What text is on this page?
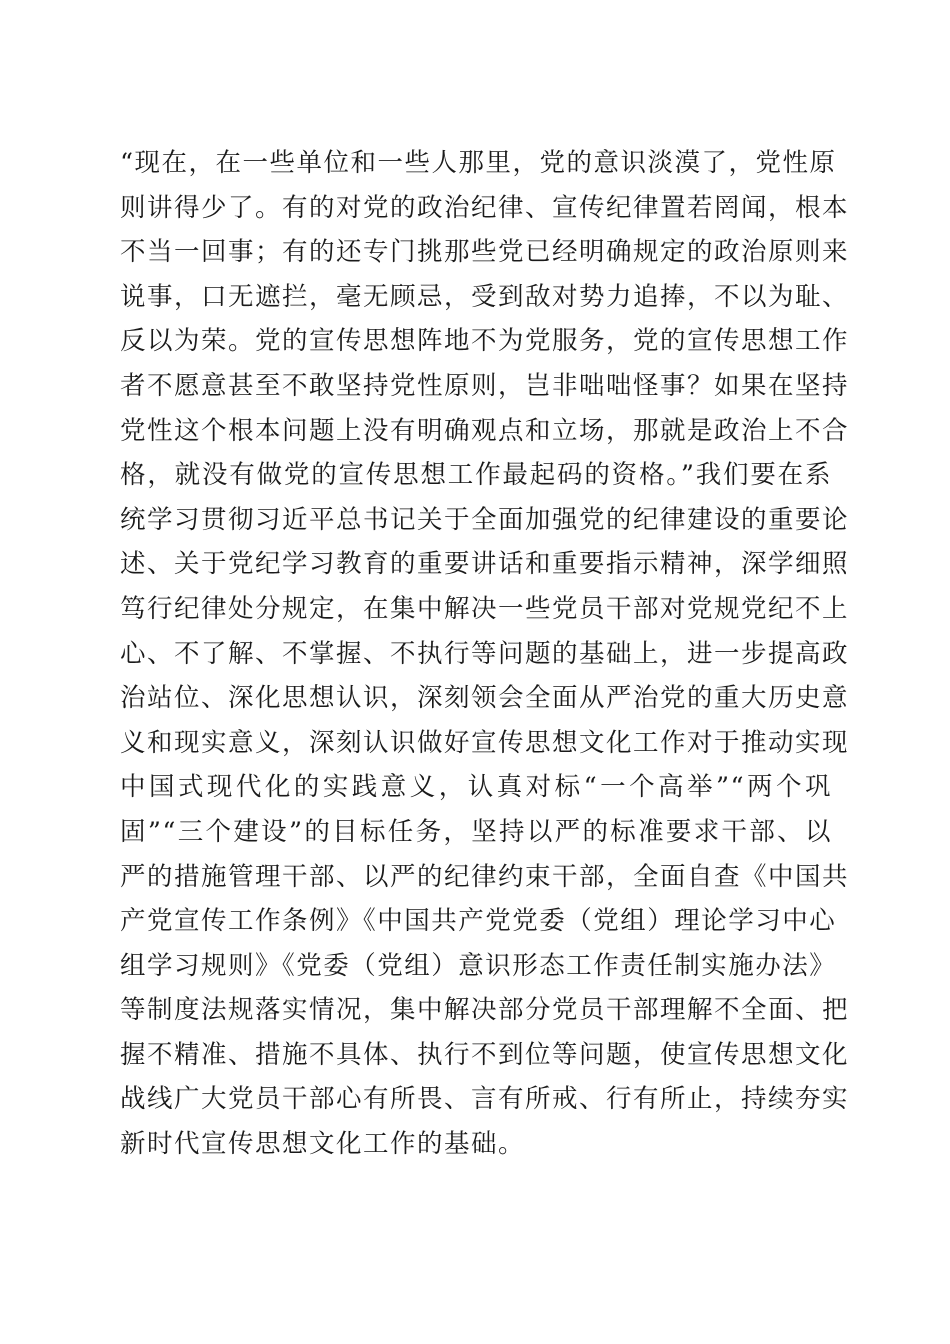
“现在，在一些单位和一些人那里，党的意识淡漠了，党性原
则讲得少了。有的对党的政治纪律、宣传纪律置若罔闻，根本
不当一回事；有的还专门挑那些党已经明确规定的政治原则来
说事，口无遮拦，毫无顾忌，受到敌对势力追捧，不以为耻、
反以为荣。党的宣传思想阵地不为党服务，党的宣传思想工作
者不愿意甚至不敢坚持党性原则，岂非咄咄怪事？如果在坚持
党性这个根本问题上没有明确观点和立场，那就是政治上不合
格，就没有做党的宣传思想工作最起码的资格。”我们要在系
统学习贯彻习近平总书记关于全面加强党的纪律建设的重要论
述、关于党纪学习教育的重要讲话和重要指示精神，深学细照
笃行纪律处分规定，在集中解决一些党员干部对党规党纪不上
心、不了解、不掌握、不执行等问题的基础上，进一步提高政
治站位、深化思想认识，深刻领会全面从严治党的重大历史意
义和现实意义，深刻认识做好宣传思想文化工作对于推动实现
中国式现代化的实践意义，认真对标“一个高举”“两个巩
固”“三个建设”的目标任务，坚持以严的标准要求干部、以
严的措施管理干部、以严的纪律约束干部，全面自查《中国共
产党宣传工作条例》《中国共产党党委（党组）理论学习中心
组学习规则》《党委（党组）意识形态工作责任制实施办法》
等制度法规落实情况，集中解决部分党员干部理解不全面、把
握不精准、措施不具体、执行不到位等问题，使宣传思想文化
战线广大党员干部心有所畏、言有所戒、行有所止，持续夯实
新时代宣传思想文化工作的基础。
